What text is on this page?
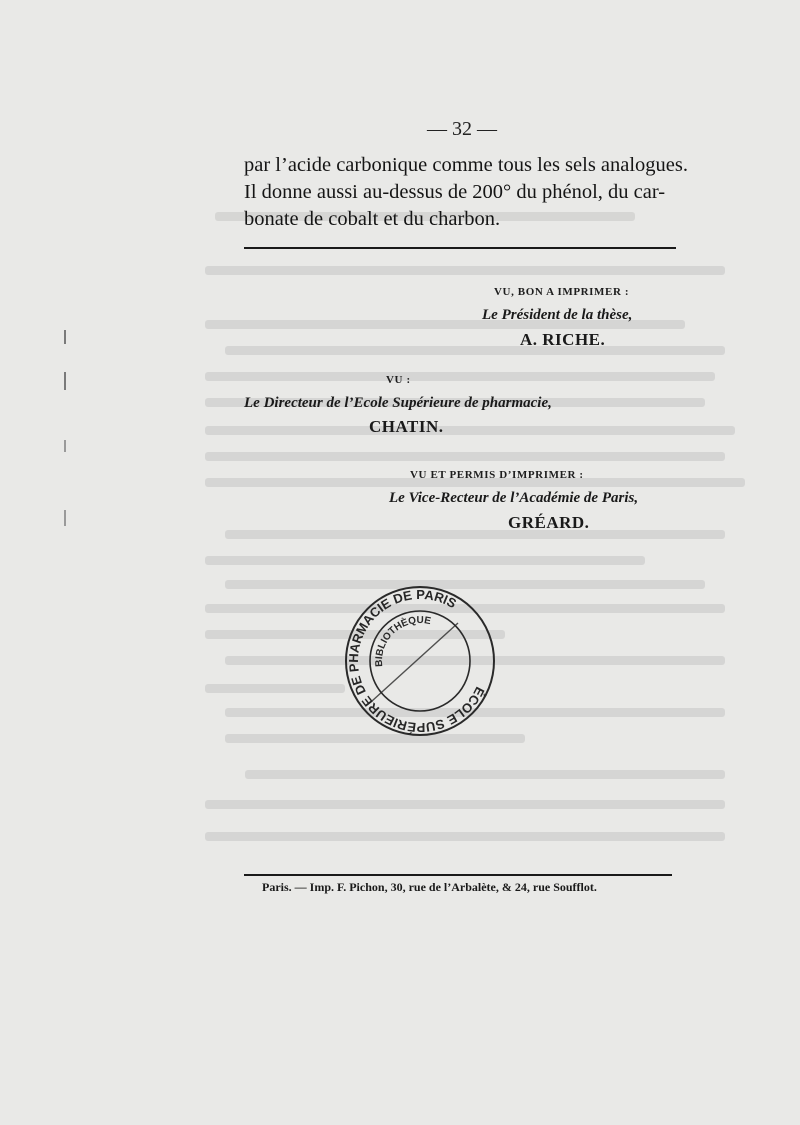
— 32 —
par l’acide carbonique comme tous les sels analogues.
Il donne aussi au-dessus de 200° du phénol, du car-
bonate de cobalt et du charbon.
VU, BON A IMPRIMER :
Le Président de la thèse,
A. RICHE.
VU :
Le Directeur de l’Ecole Supérieure de pharmacie,
CHATIN.
VU ET PERMIS D’IMPRIMER :
Le Vice-Recteur de l’Académie de Paris,
GRÉARD.
ÉCOLE SUPÉRIEURE DE PHARMACIE DE PARIS
BIBLIOTHÈQUE
Paris. — Imp. F. Pichon, 30, rue de l’Arbalète, & 24, rue Soufflot.
